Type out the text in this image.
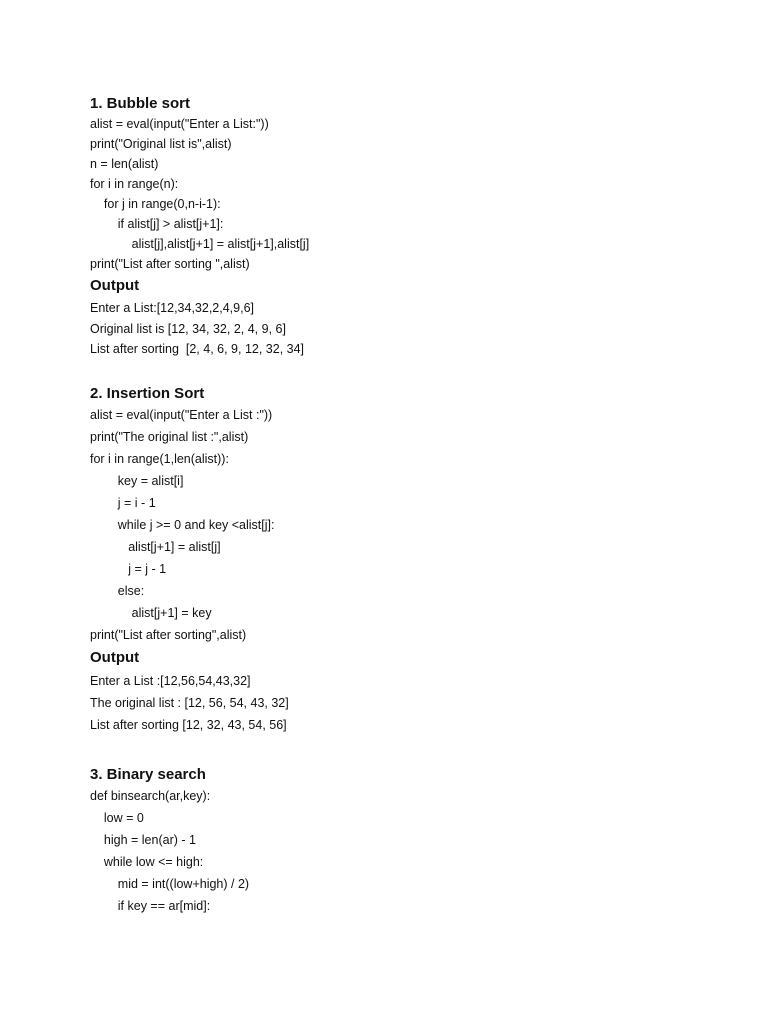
1. Bubble sort
alist = eval(input("Enter a List:"))
print("Original list is",alist)
n = len(alist)
for i in range(n):
for j in range(0,n-i-1):
if alist[j] > alist[j+1]:
alist[j],alist[j+1] = alist[j+1],alist[j]
print("List after sorting ",alist)
Output
Enter a List:[12,34,32,2,4,9,6]
Original list is [12, 34, 32, 2, 4, 9, 6]
List after sorting  [2, 4, 6, 9, 12, 32, 34]
2. Insertion Sort
alist = eval(input("Enter a List :"))
print("The original list :",alist)
for i in range(1,len(alist)):
key = alist[i]
j = i - 1
while j >= 0 and key <alist[j]:
alist[j+1] = alist[j]
j = j - 1
else:
alist[j+1] = key
print("List after sorting",alist)
Output
Enter a List :[12,56,54,43,32]
The original list : [12, 56, 54, 43, 32]
List after sorting [12, 32, 43, 54, 56]
3. Binary search
def binsearch(ar,key):
low = 0
high = len(ar) - 1
while low <= high:
mid = int((low+high) / 2)
if key == ar[mid]:
